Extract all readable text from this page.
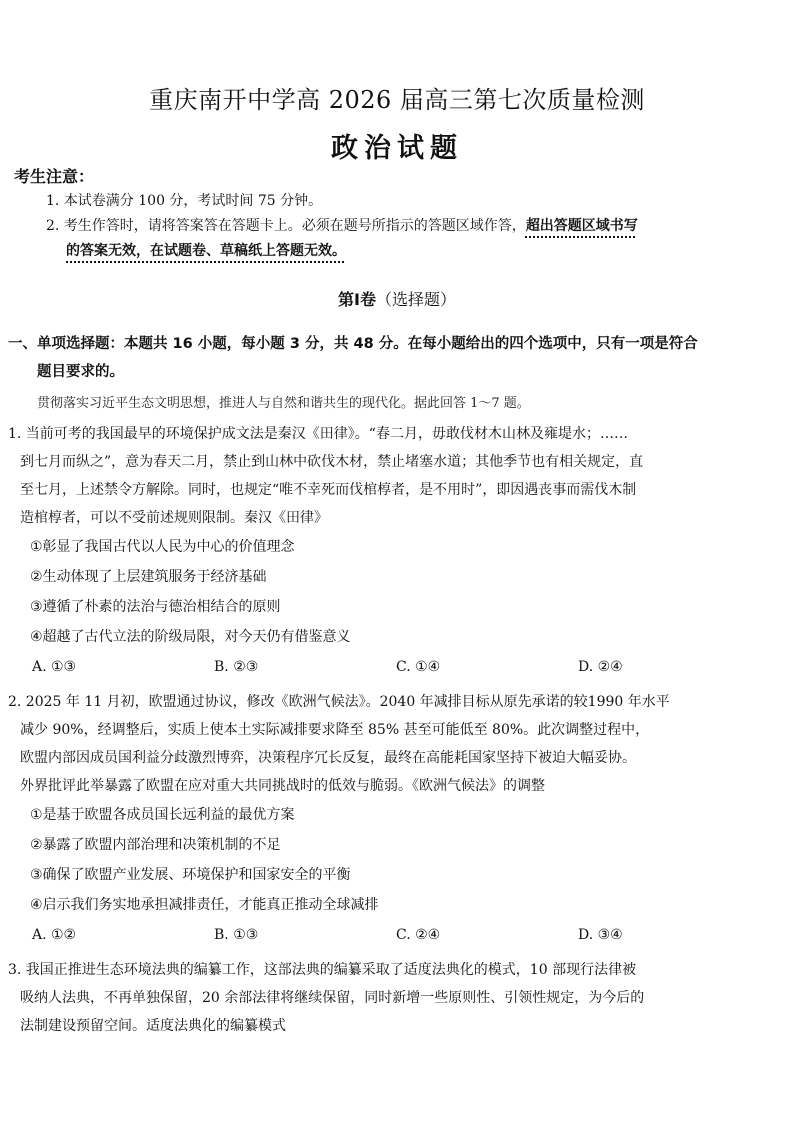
重庆南开中学高 2026 届高三第七次质量检测
政治试题
考生注意：
1. 本试卷满分 100 分，考试时间 75 分钟。
2. 考生作答时，请将答案答在答题卡上。必须在题号所指示的答题区域作答，超出答题区域书写
的答案无效，在试题卷、草稿纸上答题无效。
第Ⅰ卷（选择题）
一、单项选择题：本题共 16 小题，每小题 3 分，共 48 分。在每小题给出的四个选项中，只有一项是符合
题目要求的。
贯彻落实习近平生态文明思想，推进人与自然和谐共生的现代化。据此回答 1～7 题。

1. 当前可考的我国最早的环境保护成文法是秦汉《田律》。“春二月，毋敢伐材木山林及雍堤水；……

到七月而纵之”，意为春天二月，禁止到山林中砍伐木材，禁止堵塞水道；其他季节也有相关规定，直

至七月，上述禁令方解除。同时，也规定“唯不幸死而伐棺椁者，是不用时”，即因遇丧事而需伐木制

造棺椁者，可以不受前述规则限制。秦汉《田律》

①彰显了我国古代以人民为中心的价值理念

②生动体现了上层建筑服务于经济基础

③遵循了朴素的法治与德治相结合的原则

④超越了古代立法的阶级局限，对今天仍有借鉴意义

A. ①③	B. ②③	C. ①④	D. ②④

2. 2025 年 11 月初，欧盟通过协议，修改《欧洲气候法》。2040 年减排目标从原先承诺的较1990 年水平

减少 90%，经调整后，实质上使本土实际减排要求降至 85% 甚至可能低至 80%。此次调整过程中，

欧盟内部因成员国利益分歧激烈博弈，决策程序冗长反复，最终在高能耗国家坚持下被迫大幅妥协。

外界批评此举暴露了欧盟在应对重大共同挑战时的低效与脆弱。《欧洲气候法》的调整

①是基于欧盟各成员国长远利益的最优方案

②暴露了欧盟内部治理和决策机制的不足

③确保了欧盟产业发展、环境保护和国家安全的平衡

④启示我们务实地承担减排责任，才能真正推动全球减排

A. ①②	B. ①③	C. ②④	D. ③④

3. 我国正推进生态环境法典的编纂工作，这部法典的编纂采取了适度法典化的模式，10 部现行法律被

吸纳人法典，不再单独保留，20 余部法律将继续保留，同时新增一些原则性、引领性规定，为今后的

法制建设预留空间。适度法典化的编纂模式
